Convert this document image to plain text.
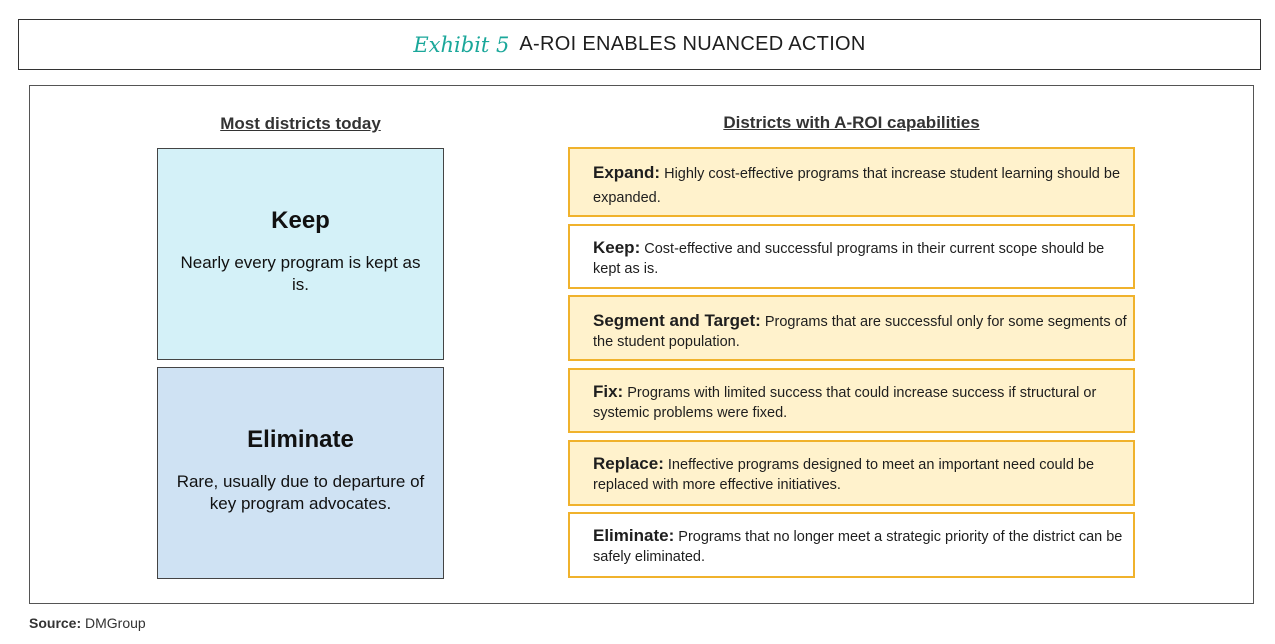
Exhibit 5 A-ROI ENABLES NUANCED ACTION
Most districts today	Districts with A-ROI capabilities
Keep
Nearly every program is kept as is.
Eliminate
Rare, usually due to departure of key program advocates.
Expand: Highly cost-effective programs that increase student learning should be expanded.
Keep: Cost-effective and successful programs in their current scope should be kept as is.
Segment and Target: Programs that are successful only for some segments of the student population.
Fix: Programs with limited success that could increase success if structural or systemic problems were fixed.
Replace: Ineffective programs designed to meet an important need could be replaced with more effective initiatives.
Eliminate: Programs that no longer meet a strategic priority of the district can be safely eliminated.
Source: DMGroup
